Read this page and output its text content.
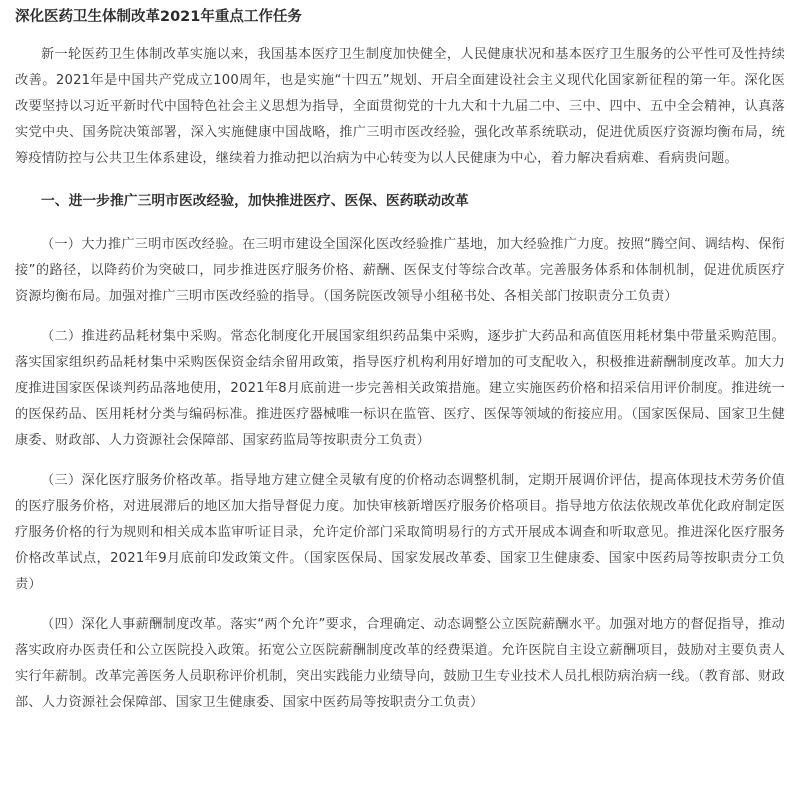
深化医药卫生体制改革2021年重点工作任务

新一轮医药卫生体制改革实施以来，我国基本医疗卫生制度加快健全，人民健康状况和基本医疗卫生服务的公平性可及性持续改善。2021年是中国共产党成立100周年，也是实施“十四五”规划、开启全面建设社会主义现代化国家新征程的第一年。深化医改要坚持以习近平新时代中国特色社会主义思想为指导，全面贯彻党的十九大和十九届二中、三中、四中、五中全会精神，认真落实党中央、国务院决策部署，深入实施健康中国战略，推广三明市医改经验，强化改革系统联动，促进优质医疗资源均衡布局，统筹疫情防控与公共卫生体系建设，继续着力推动把以治病为中心转变为以人民健康为中心，着力解决看病难、看病贵问题。

一、进一步推广三明市医改经验，加快推进医疗、医保、医药联动改革

（一）大力推广三明市医改经验。在三明市建设全国深化医改经验推广基地，加大经验推广力度。按照“腾空间、调结构、保衔接”的路径，以降药价为突破口，同步推进医疗服务价格、薪酬、医保支付等综合改革。完善服务体系和体制机制，促进优质医疗资源均衡布局。加强对推广三明市医改经验的指导。（国务院医改领导小组秘书处、各相关部门按职责分工负责）

（二）推进药品耗材集中采购。常态化制度化开展国家组织药品集中采购，逐步扩大药品和高值医用耗材集中带量采购范围。落实国家组织药品耗材集中采购医保资金结余留用政策，指导医疗机构利用好增加的可支配收入，积极推进薪酬制度改革。加大力度推进国家医保谈判药品落地使用，2021年8月底前进一步完善相关政策措施。建立实施医药价格和招采信用评价制度。推进统一的医保药品、医用耗材分类与编码标准。推进医疗器械唯一标识在监管、医疗、医保等领域的衔接应用。（国家医保局、国家卫生健康委、财政部、人力资源社会保障部、国家药监局等按职责分工负责）

（三）深化医疗服务价格改革。指导地方建立健全灵敏有度的价格动态调整机制，定期开展调价评估，提高体现技术劳务价值的医疗服务价格，对进展滞后的地区加大指导督促力度。加快审核新增医疗服务价格项目。指导地方依法依规改革优化政府制定医疗服务价格的行为规则和相关成本监审听证目录，允许定价部门采取简明易行的方式开展成本调查和听取意见。推进深化医疗服务价格改革试点，2021年9月底前印发政策文件。（国家医保局、国家发展改革委、国家卫生健康委、国家中医药局等按职责分工负责）

（四）深化人事薪酬制度改革。落实“两个允许”要求，合理确定、动态调整公立医院薪酬水平。加强对地方的督促指导，推动落实政府办医责任和公立医院投入政策。拓宽公立医院薪酬制度改革的经费渠道。允许医院自主设立薪酬项目，鼓励对主要负责人实行年薪制。改革完善医务人员职称评价机制，突出实践能力业绩导向，鼓励卫生专业技术人员扎根防病治病一线。（教育部、财政部、人力资源社会保障部、国家卫生健康委、国家中医药局等按职责分工负责）
